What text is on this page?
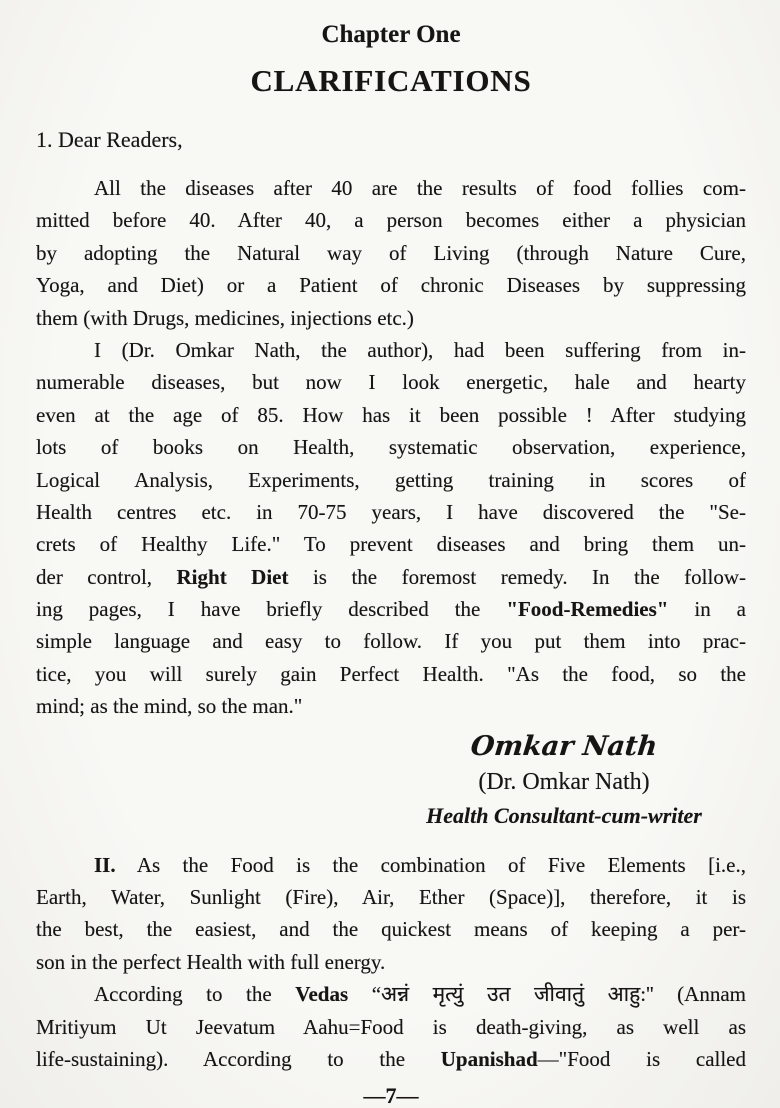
Chapter One
CLARIFICATIONS
1. Dear Readers,
All the diseases after 40 are the results of food follies com-
mitted before 40. After 40, a person becomes either a physician
by adopting the Natural way of Living (through Nature Cure,
Yoga, and Diet) or a Patient of chronic Diseases by suppressing
them (with Drugs, medicines, injections etc.)
I (Dr. Omkar Nath, the author), had been suffering from in-
numerable diseases, but now I look energetic, hale and hearty
even at the age of 85. How has it been possible ! After studying
lots of books on Health, systematic observation, experience,
Logical Analysis, Experiments, getting training in scores of
Health centres etc. in 70-75 years, I have discovered the "Se-
crets of Healthy Life." To prevent diseases and bring them un-
der control, Right Diet is the foremost remedy. In the follow-
ing pages, I have briefly described the "Food-Remedies" in a
simple language and easy to follow. If you put them into prac-
tice, you will surely gain Perfect Health. "As the food, so the
mind; as the mind, so the man."
Omkar Nath
(Dr. Omkar Nath)
Health Consultant-cum-writer
II. As the Food is the combination of Five Elements [i.e.,
Earth, Water, Sunlight (Fire), Air, Ether (Space)], therefore, it is
the best, the easiest, and the quickest means of keeping a per-
son in the perfect Health with full energy.
According to the Vedas “अन्नं मृत्युं उत जीवातुं आहु:'' (Annam
Mritiyum Ut Jeevatum Aahu=Food is death-giving, as well as
life-sustaining). According to the Upanishad—"Food is called
—7—
